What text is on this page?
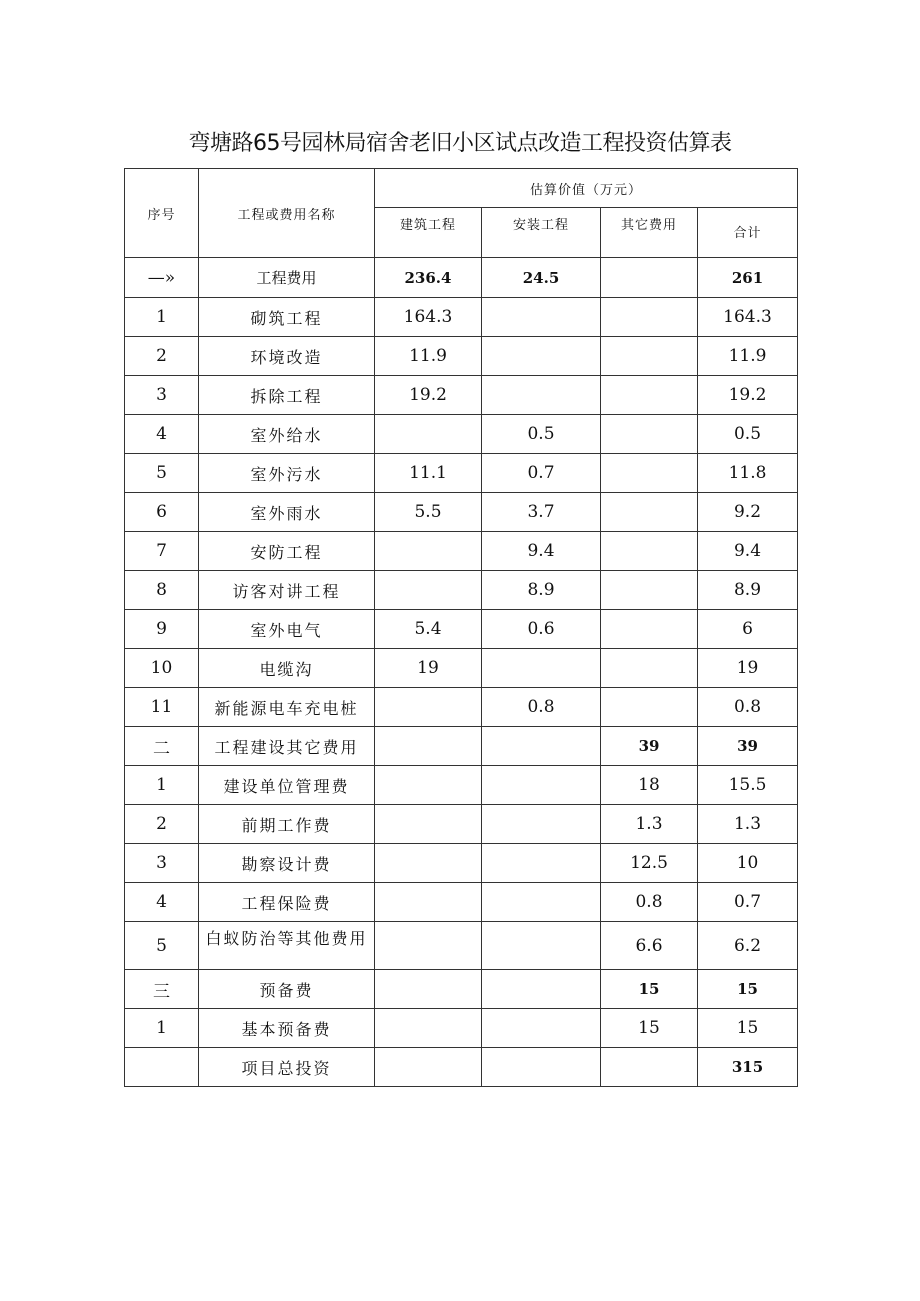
弯塘路65号园林局宿舍老旧小区试点改造工程投资估算表
序号	工程或费用名称	估算价值（万元）			
		建筑工程	安装工程	其它费用	合计
—»	工程费用	236.4	24.5		261
1	砌筑工程	164.3			164.3
2	环境改造	11.9			11.9
3	拆除工程	19.2			19.2
4	室外给水		0.5		0.5
5	室外污水	11.1	0.7		11.8
6	室外雨水	5.5	3.7		9.2
7	安防工程		9.4		9.4
8	访客对讲工程		8.9		8.9
9	室外电气	5.4	0.6		6
10	电缆沟	19			19
11	新能源电车充电桩		0.8		0.8
二	工程建设其它费用			39	39
1	建设单位管理费			18	15.5
2	前期工作费			1.3	1.3
3	勘察设计费			12.5	10
4	工程保险费			0.8	0.7
5	白蚁防治等其他费用			6.6	6.2
三	预备费			15	15
1	基本预备费			15	15
	项目总投资				315
